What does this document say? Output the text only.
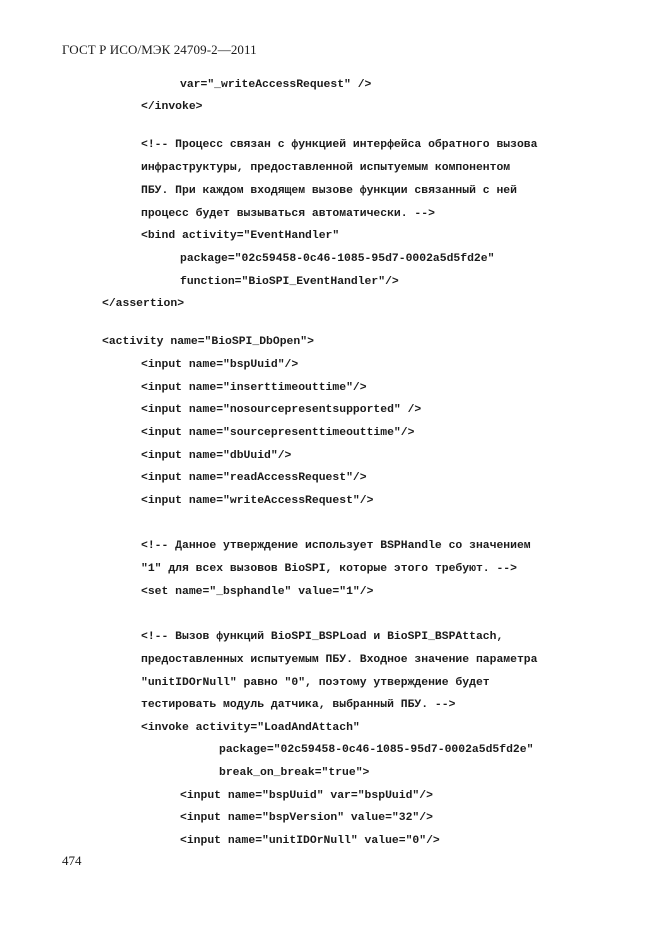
ГОСТ Р ИСО/МЭК 24709-2—2011
var="_writeAccessRequest" />
</invoke>
<!-- Процесс связан с функцией интерфейса обратного вызова
инфраструктуры, предоставленной испытуемым компонентом
ПБУ. При каждом входящем вызове функции связанный с ней
процесс будет вызываться автоматически. -->
<bind activity="EventHandler"
package="02c59458-0c46-1085-95d7-0002a5d5fd2e"
function="BioSPI_EventHandler"/>
</assertion>
<activity name="BioSPI_DbOpen">
<input name="bspUuid"/>
<input name="inserttimeouttime"/>
<input name="nosourcepresentsupported" />
<input name="sourcepresenttimeouttime"/>
<input name="dbUuid"/>
<input name="readAccessRequest"/>
<input name="writeAccessRequest"/>
<!-- Данное утверждение использует BSPHandle со значением
"1" для всех вызовов BioSPI, которые этого требуют. -->
<set name="_bsphandle" value="1"/>
<!-- Вызов функций BioSPI_BSPLoad и BioSPI_BSPAttach,
предоставленных испытуемым ПБУ. Входное значение параметра
"unitIDOrNull" равно "0", поэтому утверждение будет
тестировать модуль датчика, выбранный ПБУ. -->
<invoke activity="LoadAndAttach"
package="02c59458-0c46-1085-95d7-0002a5d5fd2e"
break_on_break="true">
<input name="bspUuid" var="bspUuid"/>
<input name="bspVersion" value="32"/>
<input name="unitIDOrNull" value="0"/>
474
